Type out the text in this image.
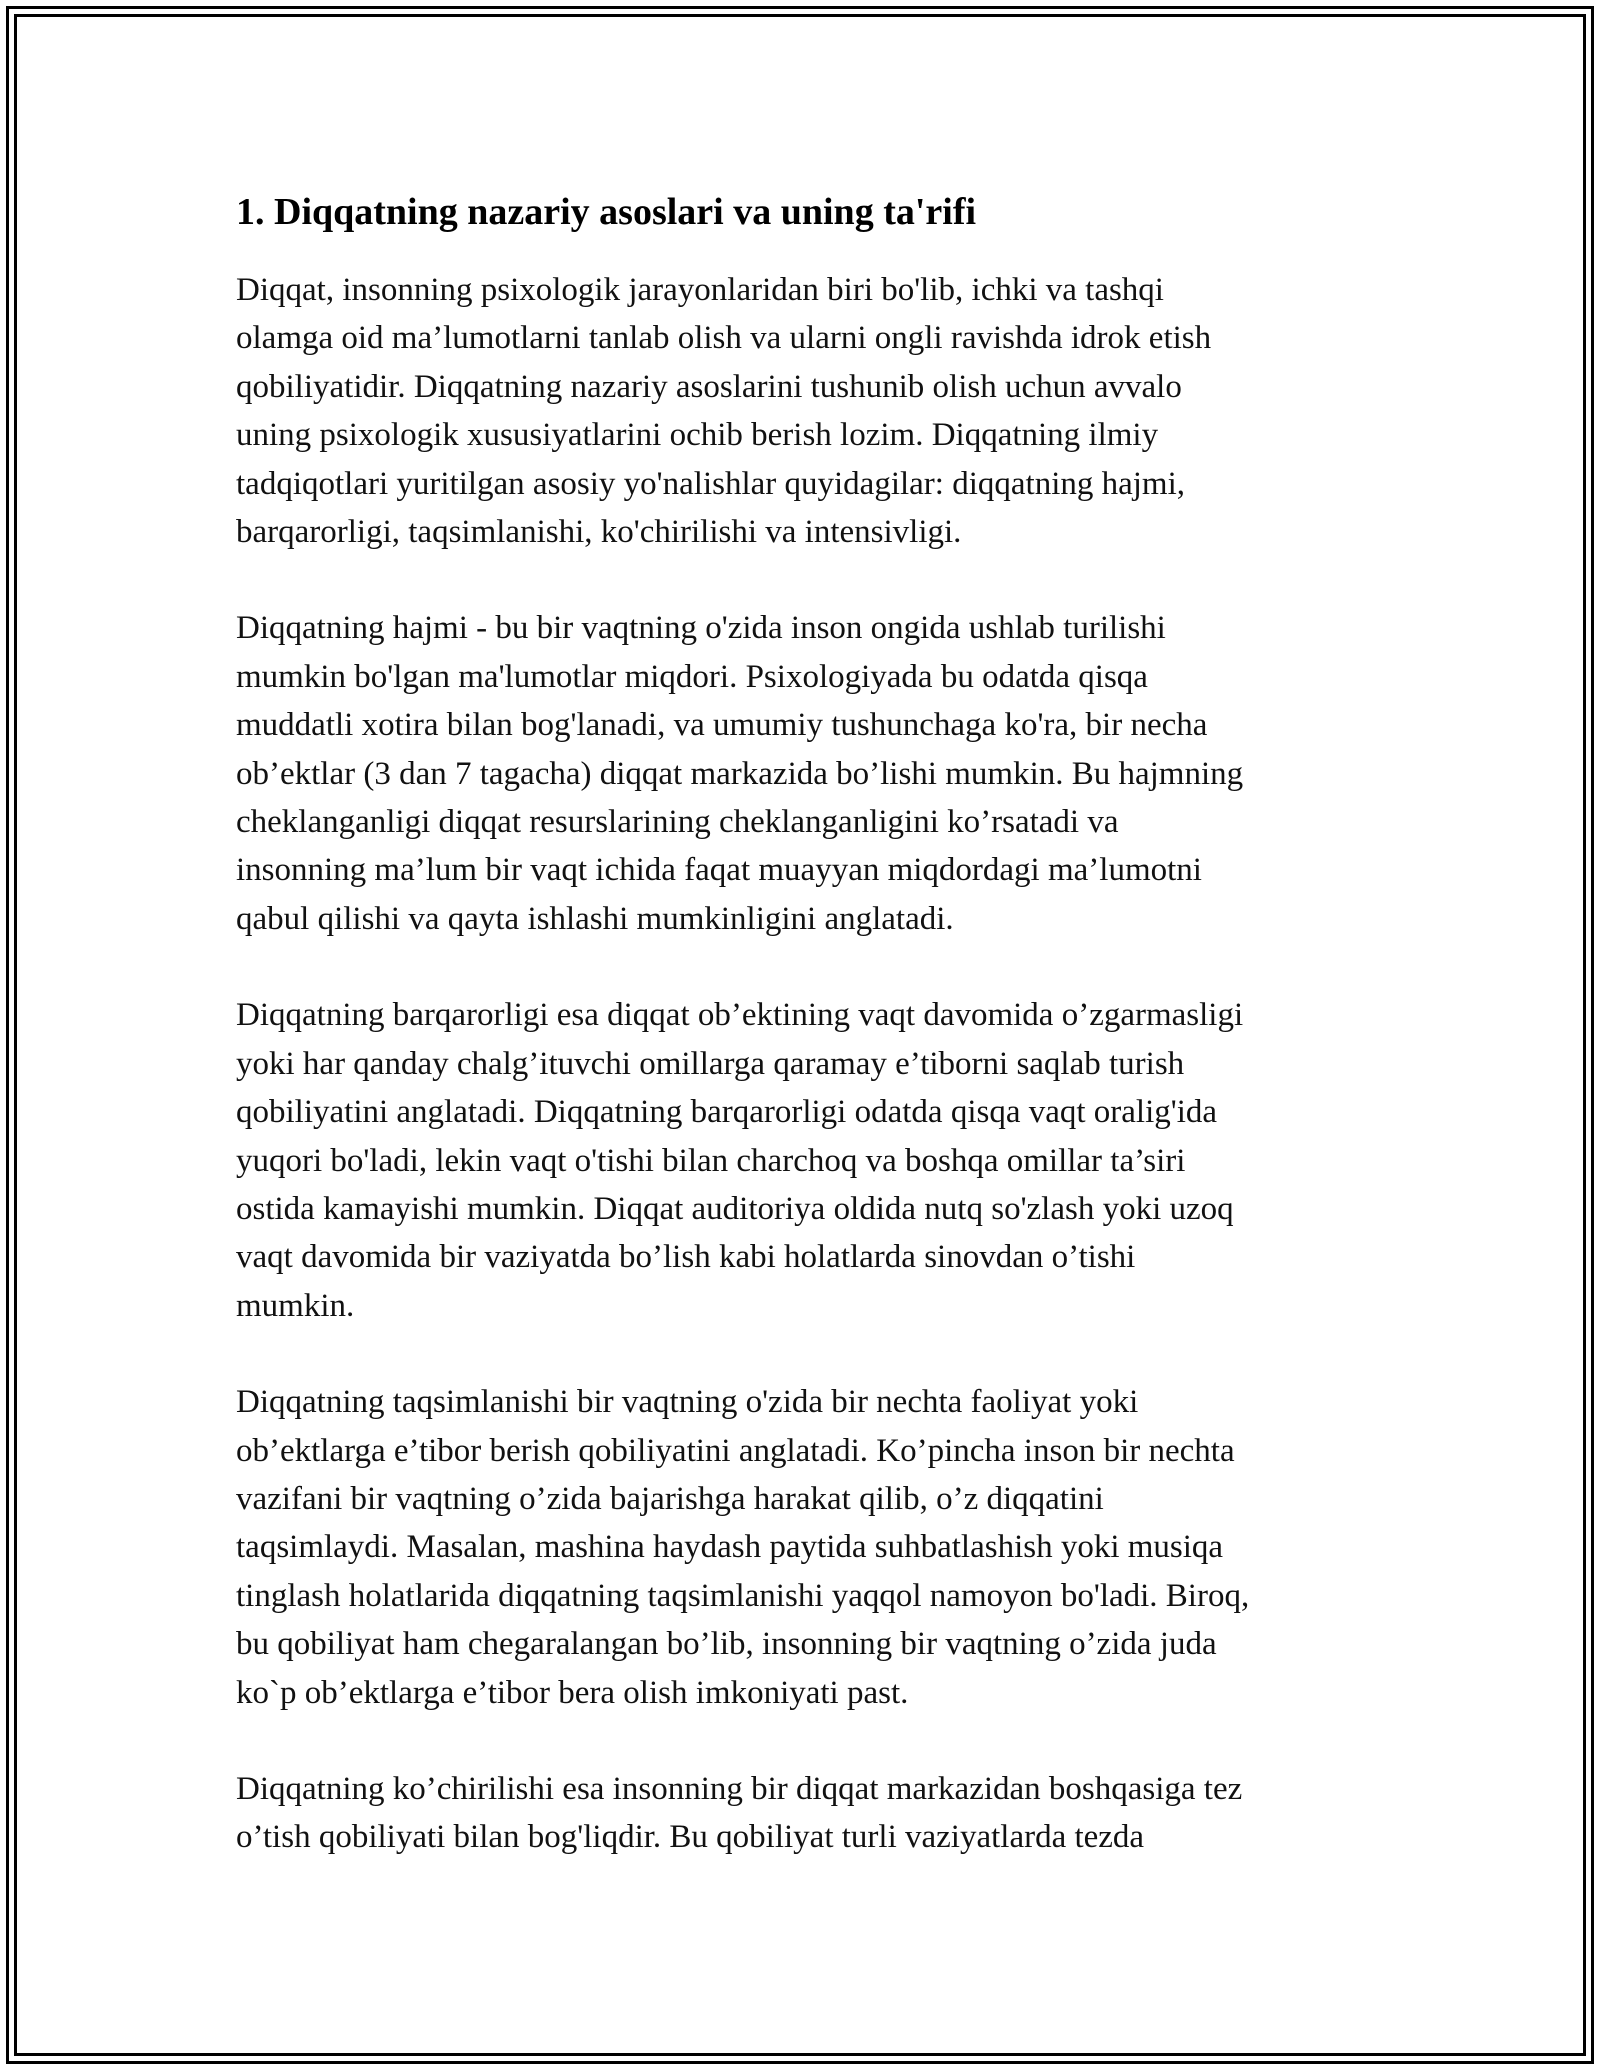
1. Diqqatning nazariy asoslari va uning ta'rifi

Diqqat, insonning psixologik jarayonlaridan biri bo'lib, ichki va tashqi
olamga oid ma’lumotlarni tanlab olish va ularni ongli ravishda idrok etish
qobiliyatidir. Diqqatning nazariy asoslarini tushunib olish uchun avvalo
uning psixologik xususiyatlarini ochib berish lozim. Diqqatning ilmiy
tadqiqotlari yuritilgan asosiy yo'nalishlar quyidagilar: diqqatning hajmi,
barqarorligi, taqsimlanishi, ko'chirilishi va intensivligi.

Diqqatning hajmi - bu bir vaqtning o'zida inson ongida ushlab turilishi
mumkin bo'lgan ma'lumotlar miqdori. Psixologiyada bu odatda qisqa
muddatli xotira bilan bog'lanadi, va umumiy tushunchaga ko'ra, bir necha
ob’ektlar (3 dan 7 tagacha) diqqat markazida bo’lishi mumkin. Bu hajmning
cheklanganligi diqqat resurslarining cheklanganligini ko’rsatadi va
insonning ma’lum bir vaqt ichida faqat muayyan miqdordagi ma’lumotni
qabul qilishi va qayta ishlashi mumkinligini anglatadi.

Diqqatning barqarorligi esa diqqat ob’ektining vaqt davomida o’zgarmasligi
yoki har qanday chalg’ituvchi omillarga qaramay e’tiborni saqlab turish
qobiliyatini anglatadi. Diqqatning barqarorligi odatda qisqa vaqt oralig'ida
yuqori bo'ladi, lekin vaqt o'tishi bilan charchoq va boshqa omillar ta’siri
ostida kamayishi mumkin. Diqqat auditoriya oldida nutq so'zlash yoki uzoq
vaqt davomida bir vaziyatda bo’lish kabi holatlarda sinovdan o’tishi
mumkin.

Diqqatning taqsimlanishi bir vaqtning o'zida bir nechta faoliyat yoki
ob’ektlarga e’tibor berish qobiliyatini anglatadi. Ko’pincha inson bir nechta
vazifani bir vaqtning o’zida bajarishga harakat qilib, o’z diqqatini
taqsimlaydi. Masalan, mashina haydash paytida suhbatlashish yoki musiqa
tinglash holatlarida diqqatning taqsimlanishi yaqqol namoyon bo'ladi. Biroq,
bu qobiliyat ham chegaralangan bo’lib, insonning bir vaqtning o’zida juda
ko`p ob’ektlarga e’tibor bera olish imkoniyati past.

Diqqatning ko’chirilishi esa insonning bir diqqat markazidan boshqasiga tez
o’tish qobiliyati bilan bog'liqdir. Bu qobiliyat turli vaziyatlarda tezda
